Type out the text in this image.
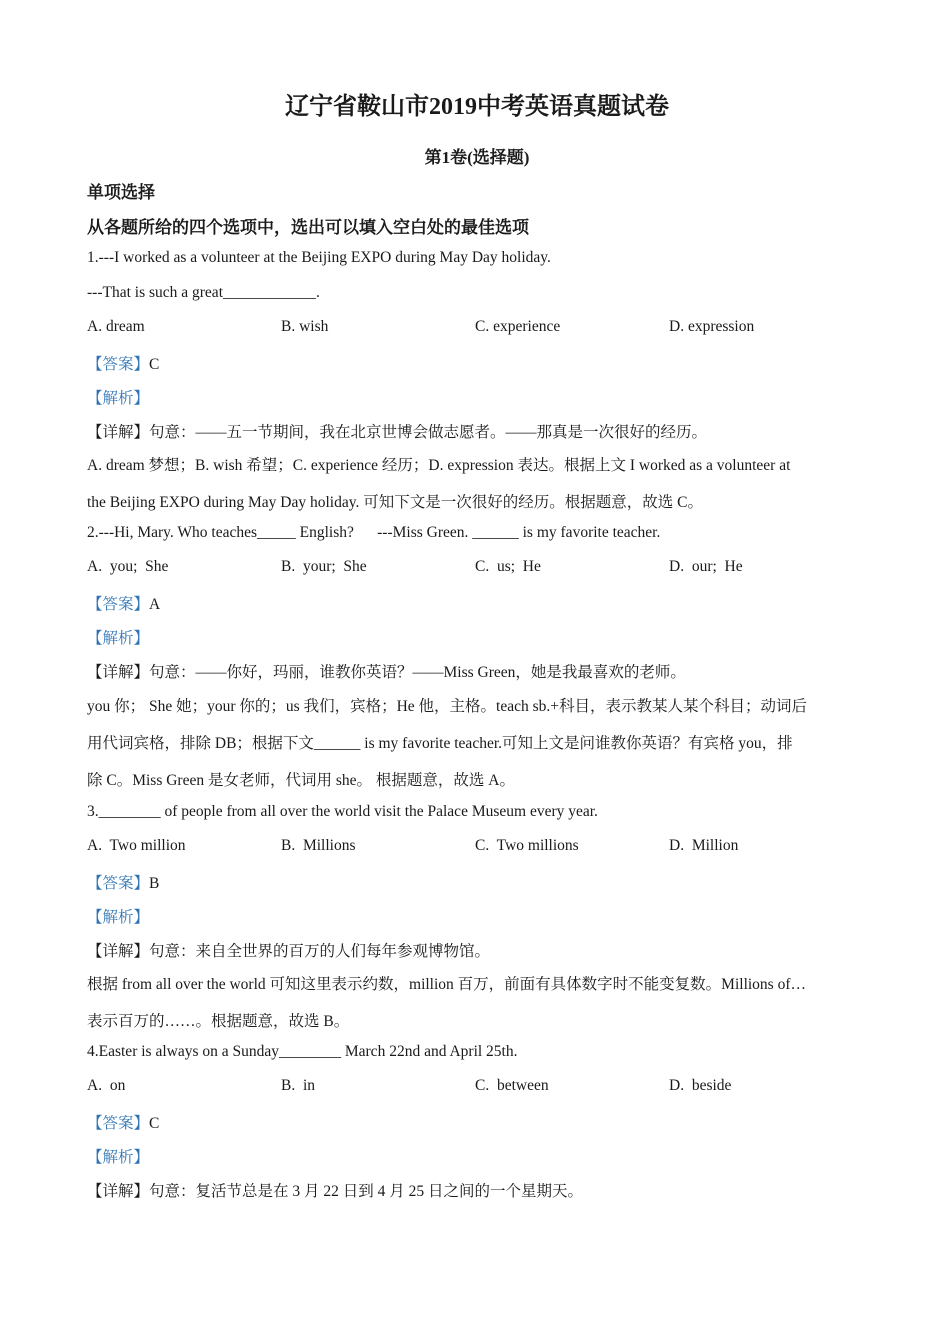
辽宁省鞍山市2019中考英语真题试卷
第1卷(选择题)
单项选择
从各题所给的四个选项中，选出可以填入空白处的最佳选项
1.---I worked as a volunteer at the Beijing EXPO during May Day holiday.
---That is such a great____________.
A. dream	B. wish	C. experience	D. expression
【答案】C
【解析】
【详解】句意：——五一节期间，我在北京世博会做志愿者。——那真是一次很好的经历。
A. dream 梦想；B. wish 希望；C. experience 经历；D. expression 表达。根据上文 I worked as a volunteer at
the Beijing EXPO during May Day holiday. 可知下文是一次很好的经历。根据题意，故选 C。
2.---Hi, Mary. Who teaches_____ English?      ---Miss Green. ______ is my favorite teacher.
A.  you;  She	B.  your;  She	C.  us;  He	D.  our;  He
【答案】A
【解析】
【详解】句意：——你好，玛丽，谁教你英语？——Miss Green，她是我最喜欢的老师。
you 你； She 她；your 你的；us 我们，宾格；He 他，主格。teach sb.+科目，表示教某人某个科目；动词后
用代词宾格，排除 DB；根据下文______ is my favorite teacher.可知上文是问谁教你英语？有宾格 you，排
除 C。Miss Green 是女老师，代词用 she。 根据题意，故选 A。
3.________ of people from all over the world visit the Palace Museum every year.
A.  Two million	B.  Millions	C.  Two millions	D.  Million
【答案】B
【解析】
【详解】句意：来自全世界的百万的人们每年参观博物馆。
根据 from all over the world 可知这里表示约数，million 百万，前面有具体数字时不能变复数。Millions of…
表示百万的……。根据题意，故选 B。
4.Easter is always on a Sunday________ March 22nd and April 25th.
A.  on	B.  in	C.  between	D.  beside
【答案】C
【解析】
【详解】句意：复活节总是在 3 月 22 日到 4 月 25 日之间的一个星期天。
